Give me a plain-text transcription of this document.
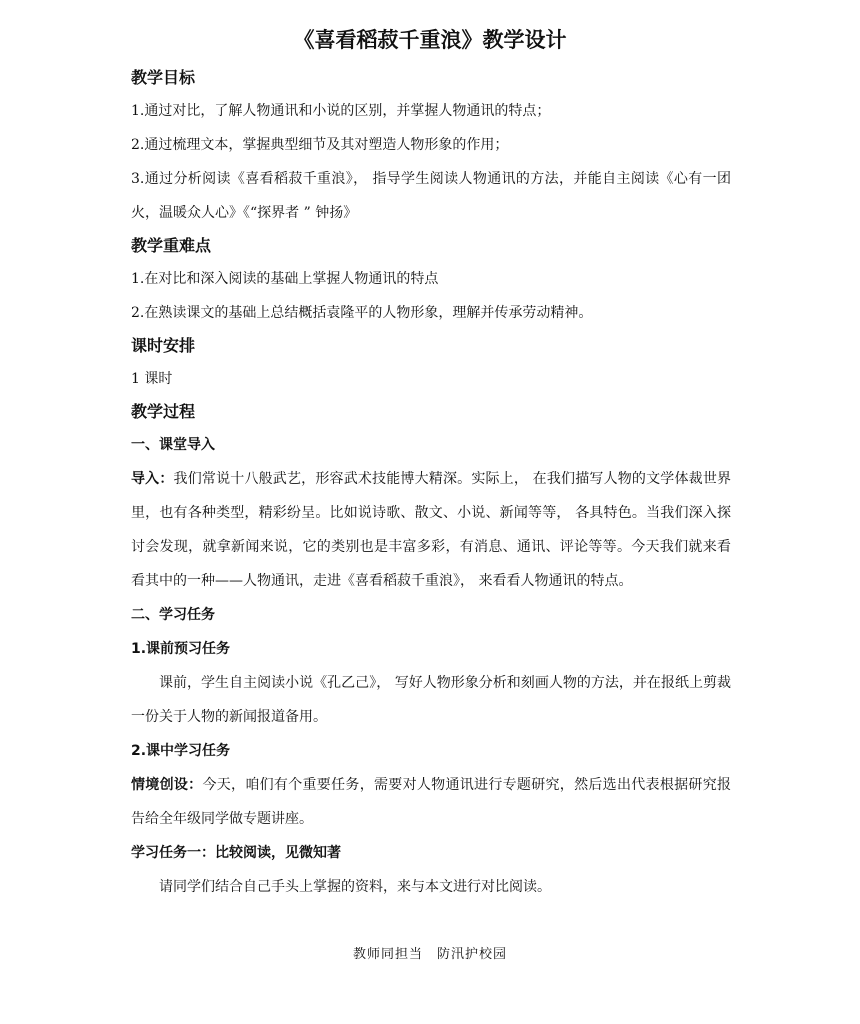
《喜看稻菽千重浪》教学设计
教学目标

1.通过对比，了解人物通讯和小说的区别，并掌握人物通讯的特点；

2.通过梳理文本，掌握典型细节及其对塑造人物形象的作用；

3.通过分析阅读《喜看稻菽千重浪》， 指导学生阅读人物通讯的方法，并能自主阅读《心有一团火，温暖众人心》《“探界者 ” 钟扬》

教学重难点

1.在对比和深入阅读的基础上掌握人物通讯的特点

2.在熟读课文的基础上总结概括袁隆平的人物形象，理解并传承劳动精神。

课时安排

1 课时

教学过程
一、课堂导入

导入：我们常说十八般武艺，形容武术技能博大精深。实际上， 在我们描写人物的文学体裁世界里，也有各种类型，精彩纷呈。比如说诗歌、散文、小说、新闻等等， 各具特色。当我们深入探讨会发现，就拿新闻来说，它的类别也是丰富多彩，有消息、通讯、评论等等。今天我们就来看看其中的一种——人物通讯，走进《喜看稻菽千重浪》， 来看看人物通讯的特点。

二、学习任务
1.课前预习任务

课前，学生自主阅读小说《孔乙己》， 写好人物形象分析和刻画人物的方法，并在报纸上剪裁一份关于人物的新闻报道备用。

2.课中学习任务

情境创设：今天，咱们有个重要任务，需要对人物通讯进行专题研究，然后选出代表根据研究报告给全年级同学做专题讲座。

学习任务一：比较阅读，见微知著

请同学们结合自己手头上掌握的资料，来与本文进行对比阅读。

教师同担当　防汛护校园
